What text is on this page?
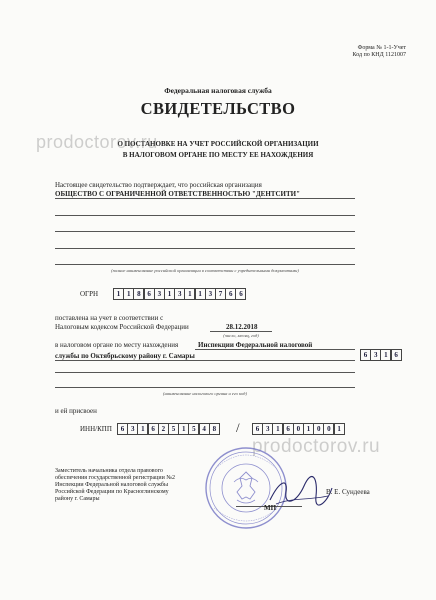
Форма № 1-1-Учет
Код по КНД 1121007
Федеральная налоговая служба
СВИДЕТЕЛЬСТВО
О ПОСТАНОВКЕ НА УЧЕТ РОССИЙСКОЙ ОРГАНИЗАЦИИ
В НАЛОГОВОМ ОРГАНЕ ПО МЕСТУ ЕЕ НАХОЖДЕНИЯ
prodoctorov.ru
Настоящее свидетельство подтверждает, что российская организация
ОБЩЕСТВО С ОГРАНИЧЕННОЙ ОТВЕТСТВЕННОСТЬЮ "ДЕНТСИТИ"
(полное наименование российской организации в соответствии с учредительными документами)
ОГРН	1 1 8 6 3 1 3 1 1 3 7 6 6
поставлена на учет в соответствии с
Налоговым кодексом Российской Федерации	28.12.2018
(число, месяц, год)
в налоговом органе по месту нахождения	Инспекции Федеральной налоговой
службы по Октябрьскому району г. Самары	6 3 1 6
(наименование налогового органа и его код)
и ей присвоен
ИНН/КПП	6 3 1 6 2 5 1 5 4 8 /	6 3 1 6 0 1 0 0 1
prodoctorov.ru
Заместитель начальника отдела правового
обеспечения государственной регистрации №2
Инспекции Федеральной налоговой службы
Российской Федерации по Красноглинскому
району г. Самары
В. Е. Сундеева
МП
